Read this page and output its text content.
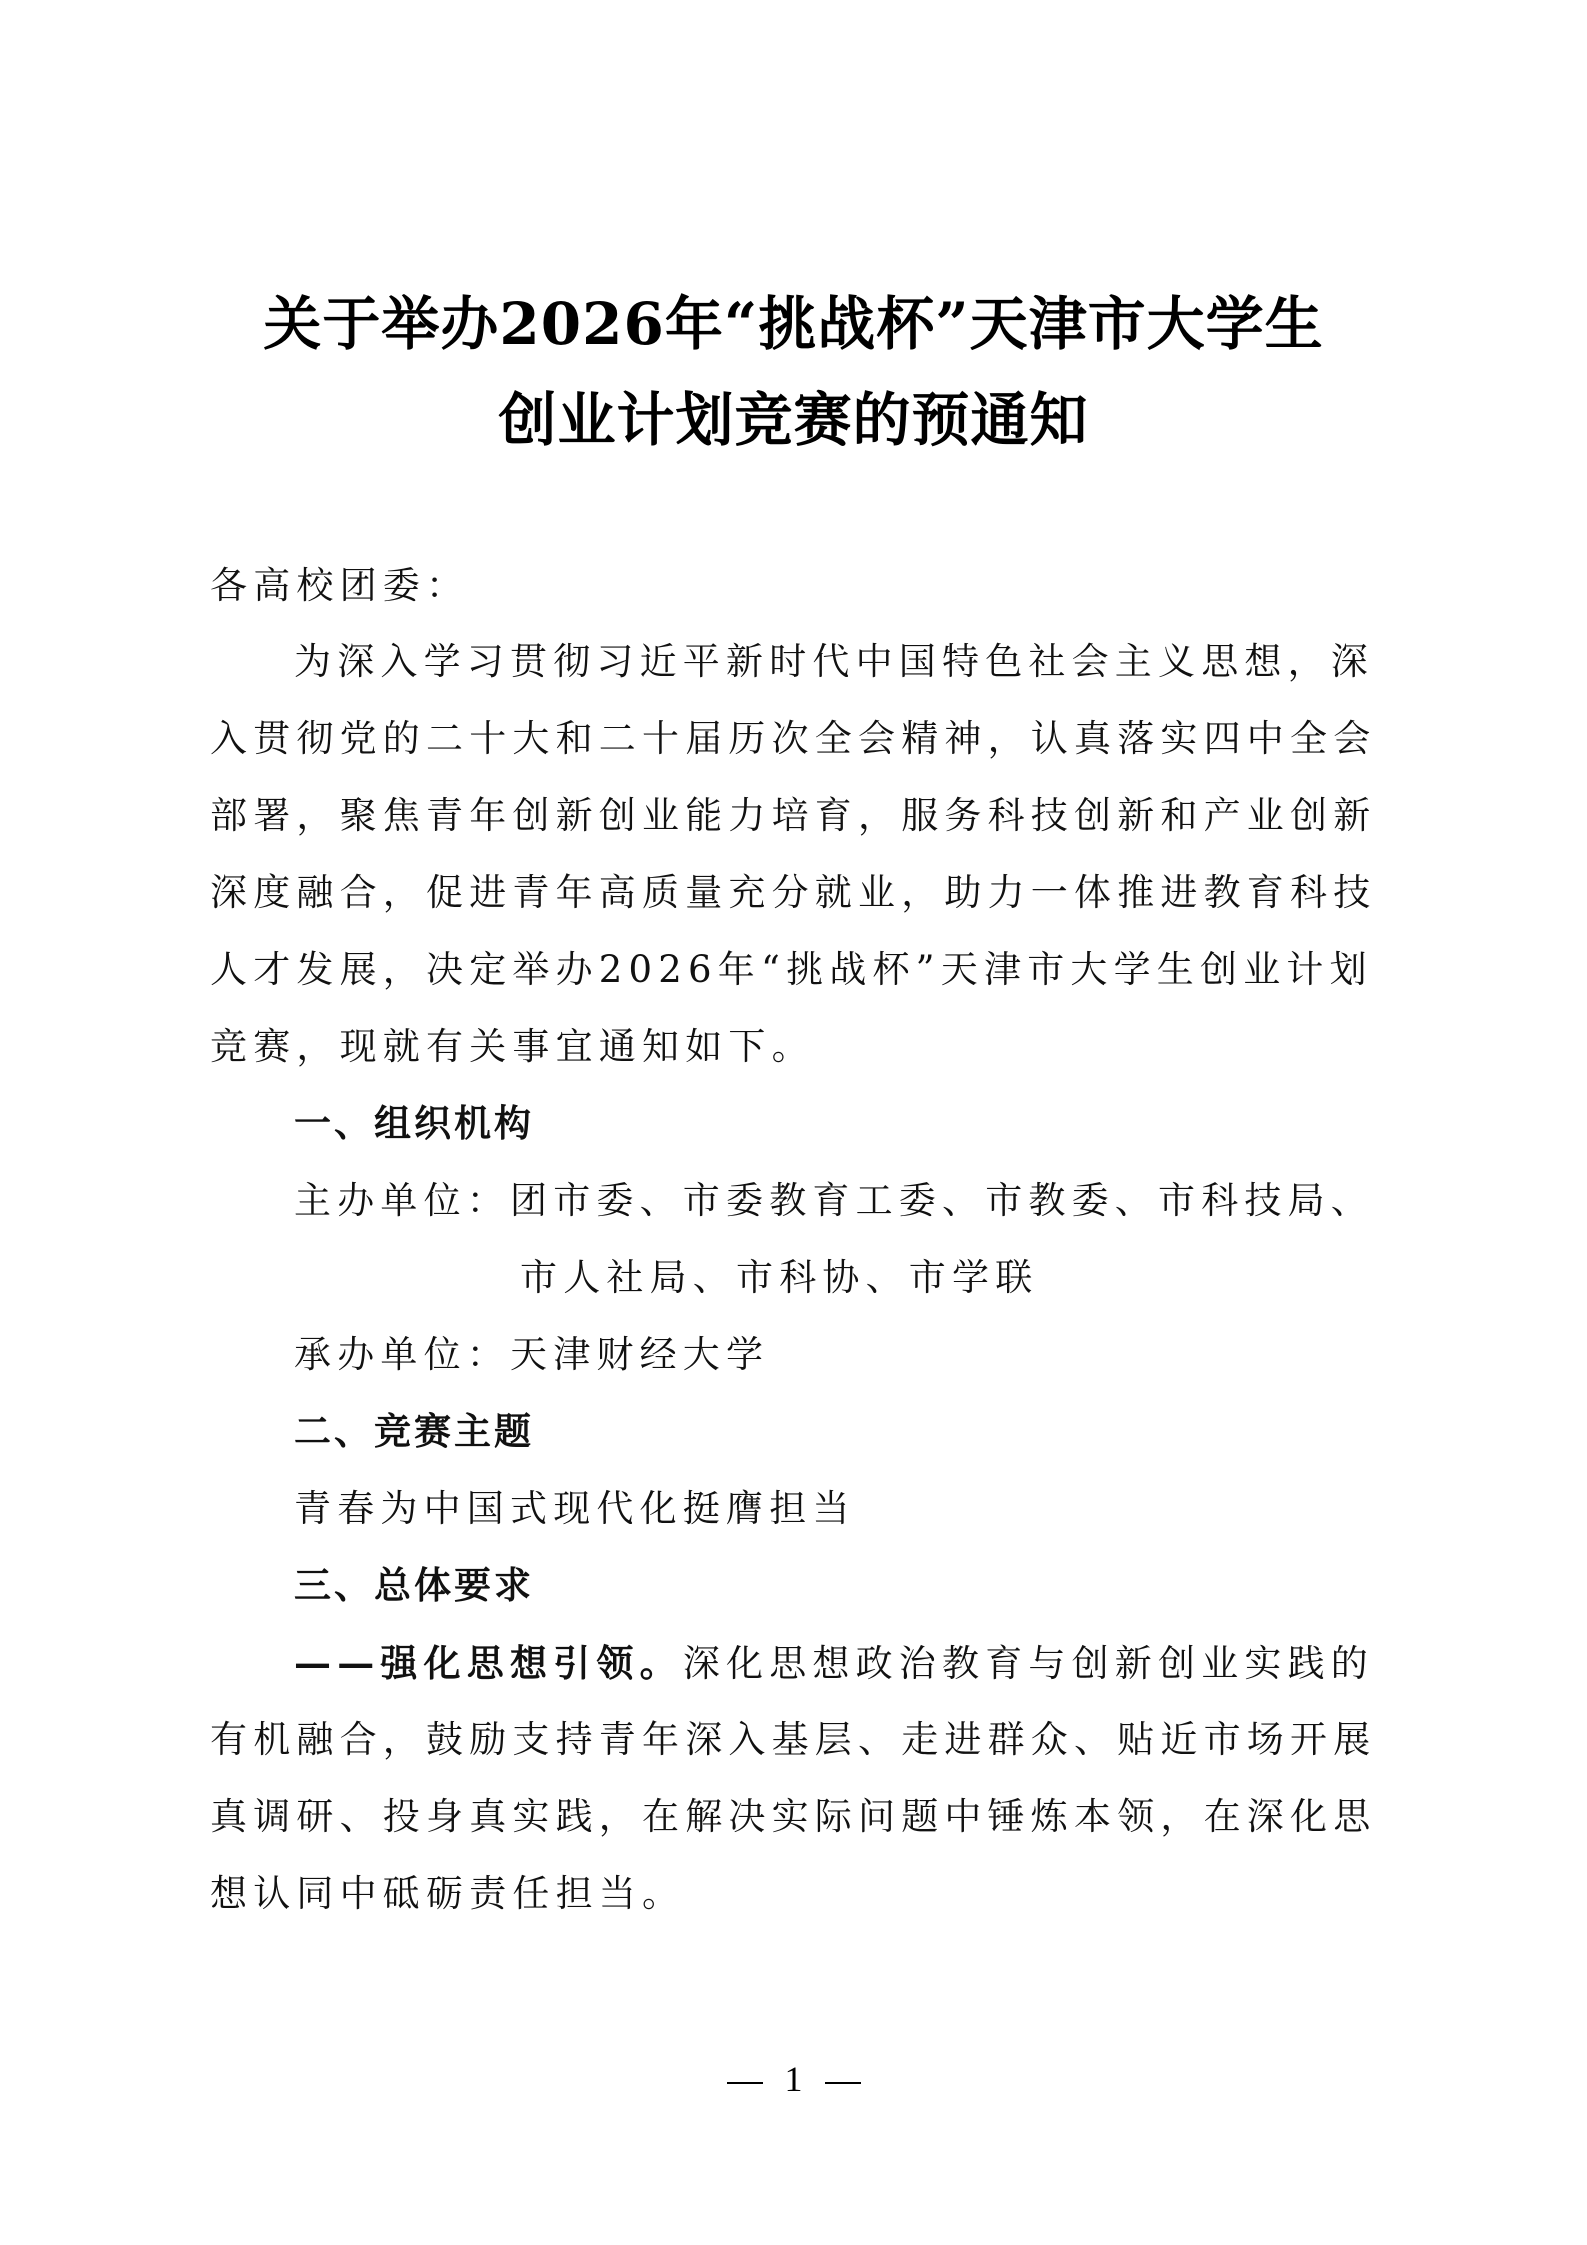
关于举办2026年“挑战杯”天津市大学生
创业计划竞赛的预通知
各高校团委：
为深入学习贯彻习近平新时代中国特色社会主义思想，深
入贯彻党的二十大和二十届历次全会精神，认真落实四中全会
部署，聚焦青年创新创业能力培育，服务科技创新和产业创新
深度融合，促进青年高质量充分就业，助力一体推进教育科技
人才发展，决定举办2026年“挑战杯”天津市大学生创业计划
竞赛，现就有关事宜通知如下。
一、组织机构
主办单位：团市委、市委教育工委、市教委、市科技局、
市人社局、市科协、市学联
承办单位：天津财经大学
二、竞赛主题
青春为中国式现代化挺膺担当
三、总体要求
——强化思想引领。深化思想政治教育与创新创业实践的
有机融合，鼓励支持青年深入基层、走进群众、贴近市场开展
真调研、投身真实践，在解决实际问题中锤炼本领，在深化思
想认同中砥砺责任担当。
1
